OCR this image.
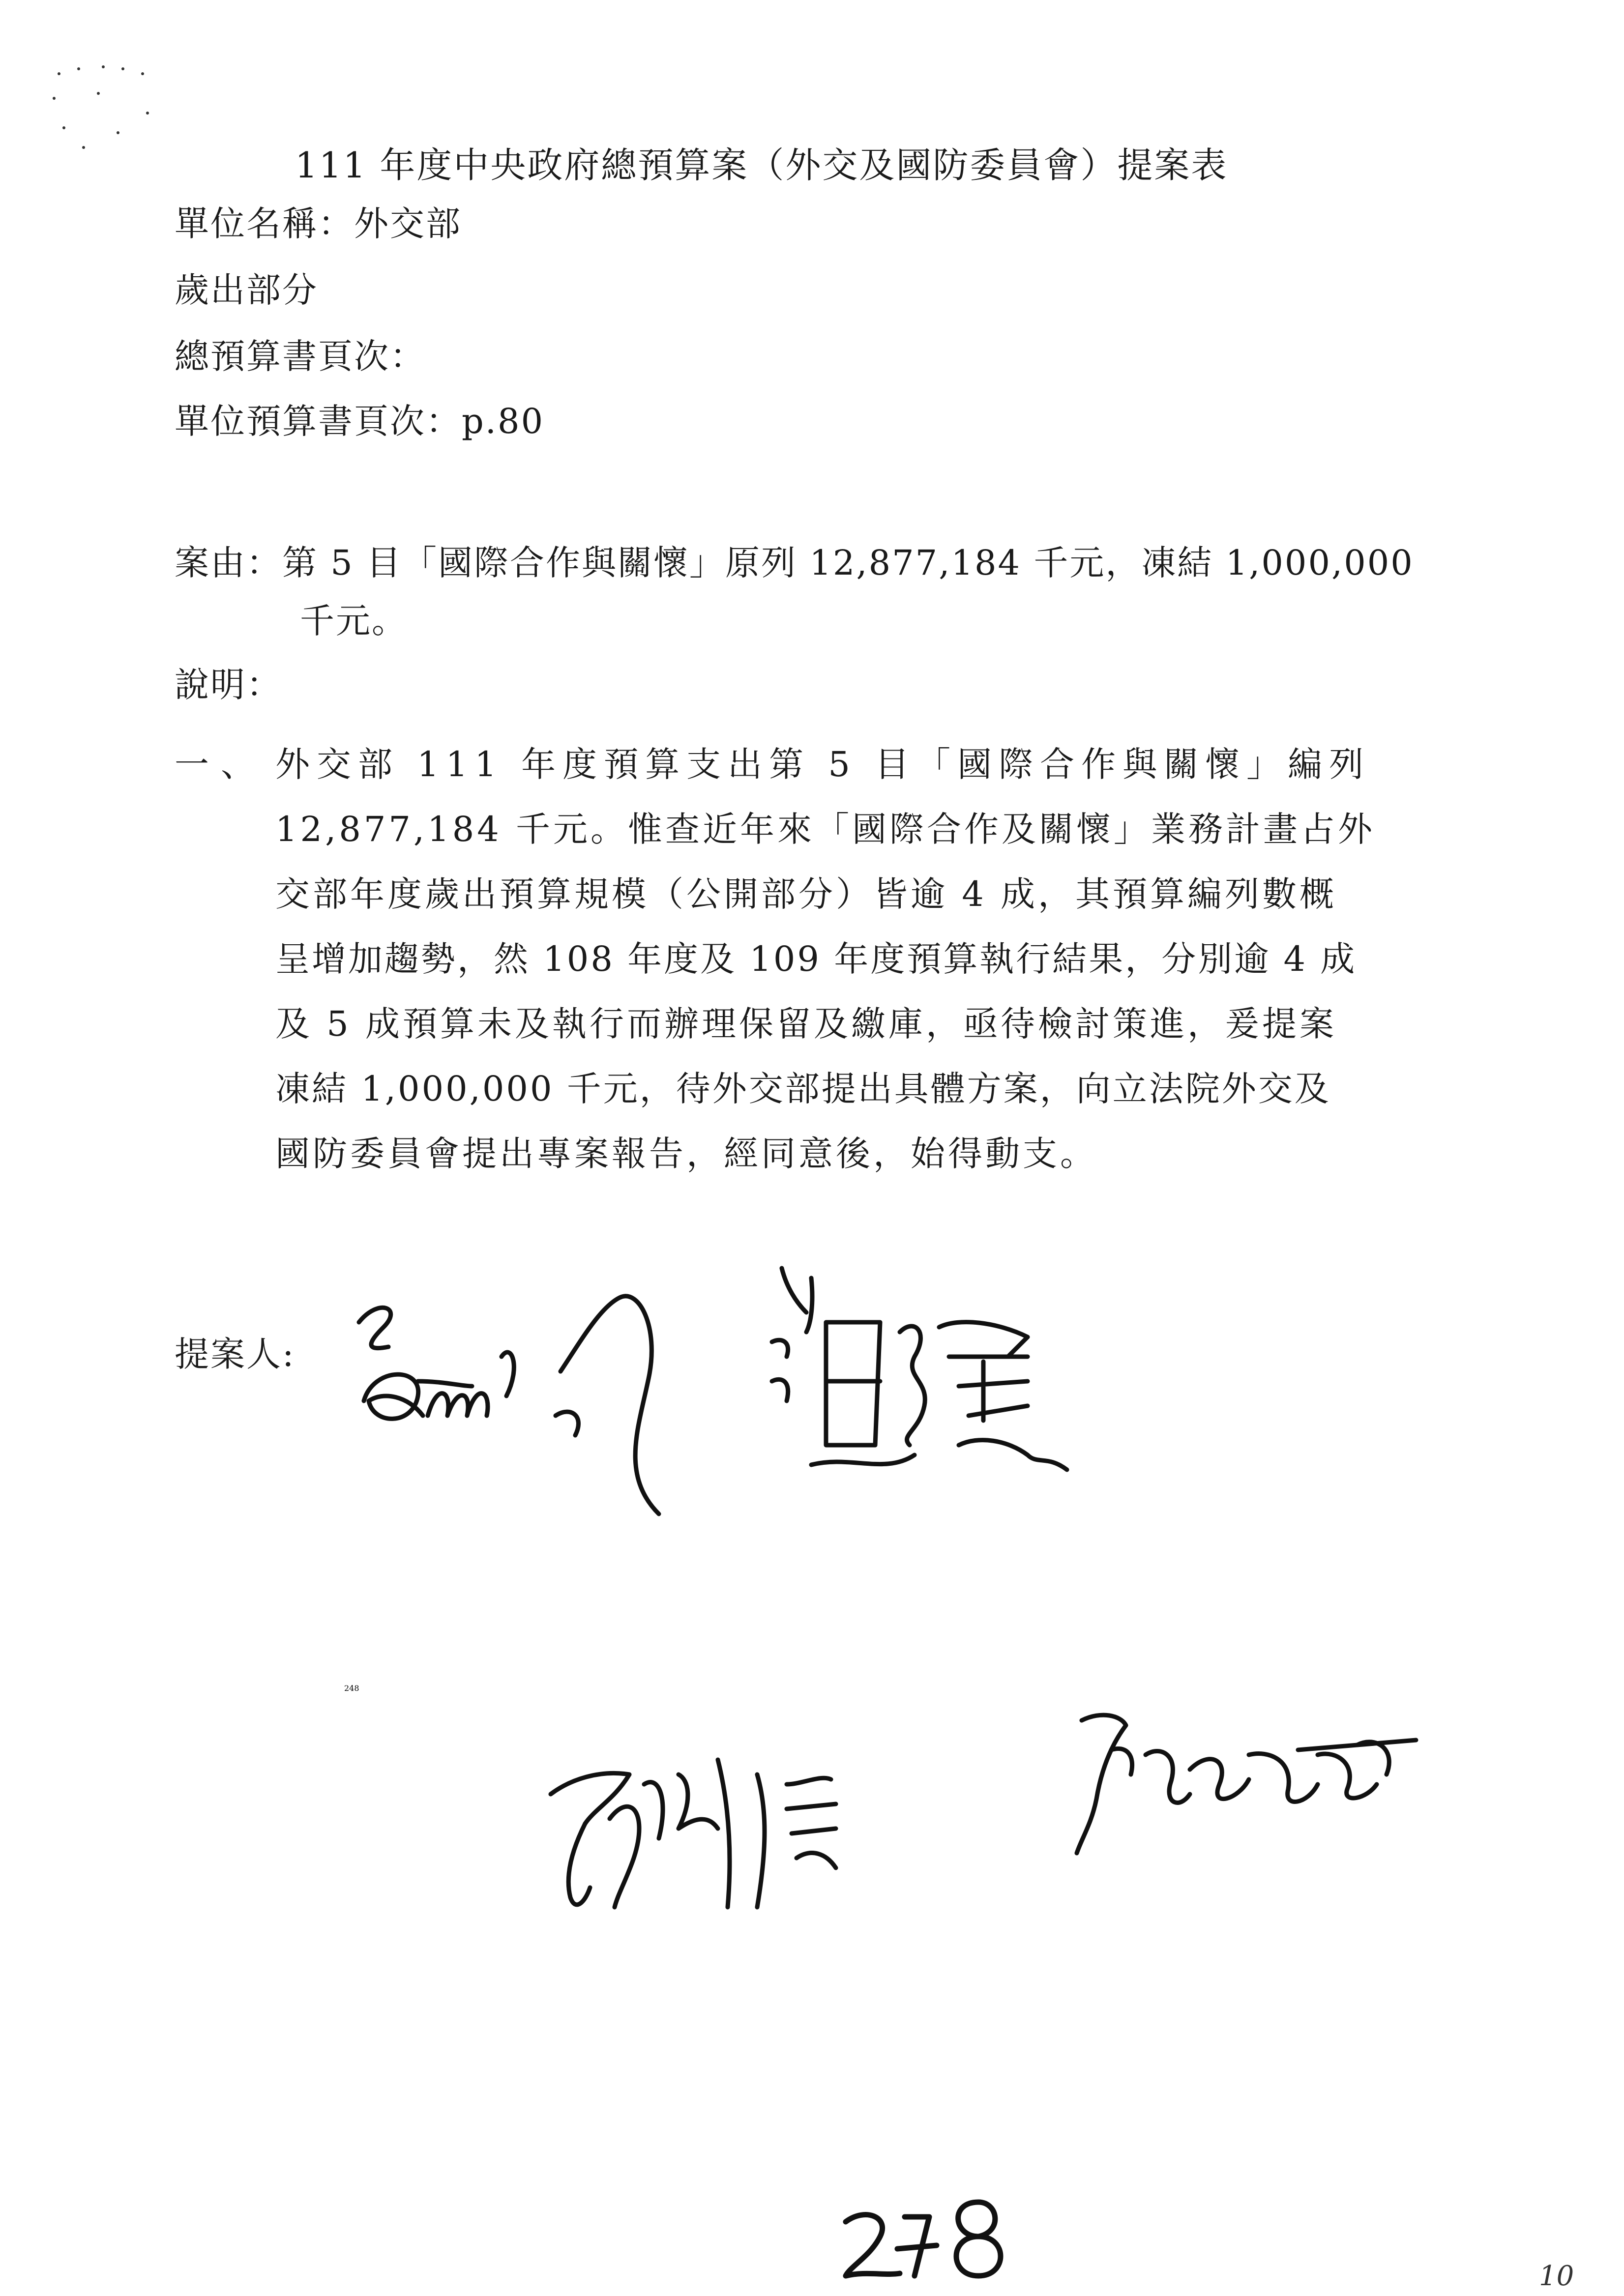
111 年度中央政府總預算案（外交及國防委員會）提案表
單位名稱：外交部
歲出部分
總預算書頁次：
單位預算書頁次：p.80
案由：第 5 目「國際合作與關懷」原列 12,877,184 千元，凍結 1,000,000
千元。
說明：
一、 外交部 111 年度預算支出第 5 目「國際合作與關懷」編列
12,877,184 千元。惟查近年來「國際合作及關懷」業務計畫占外
交部年度歲出預算規模（公開部分）皆逾 4 成，其預算編列數概
呈增加趨勢，然 108 年度及 109 年度預算執行結果，分別逾 4 成
及 5 成預算未及執行而辦理保留及繳庫，亟待檢討策進，爰提案
凍結 1,000,000 千元，待外交部提出具體方案，向立法院外交及
國防委員會提出專案報告，經同意後，始得動支。
提案人:
248
10
